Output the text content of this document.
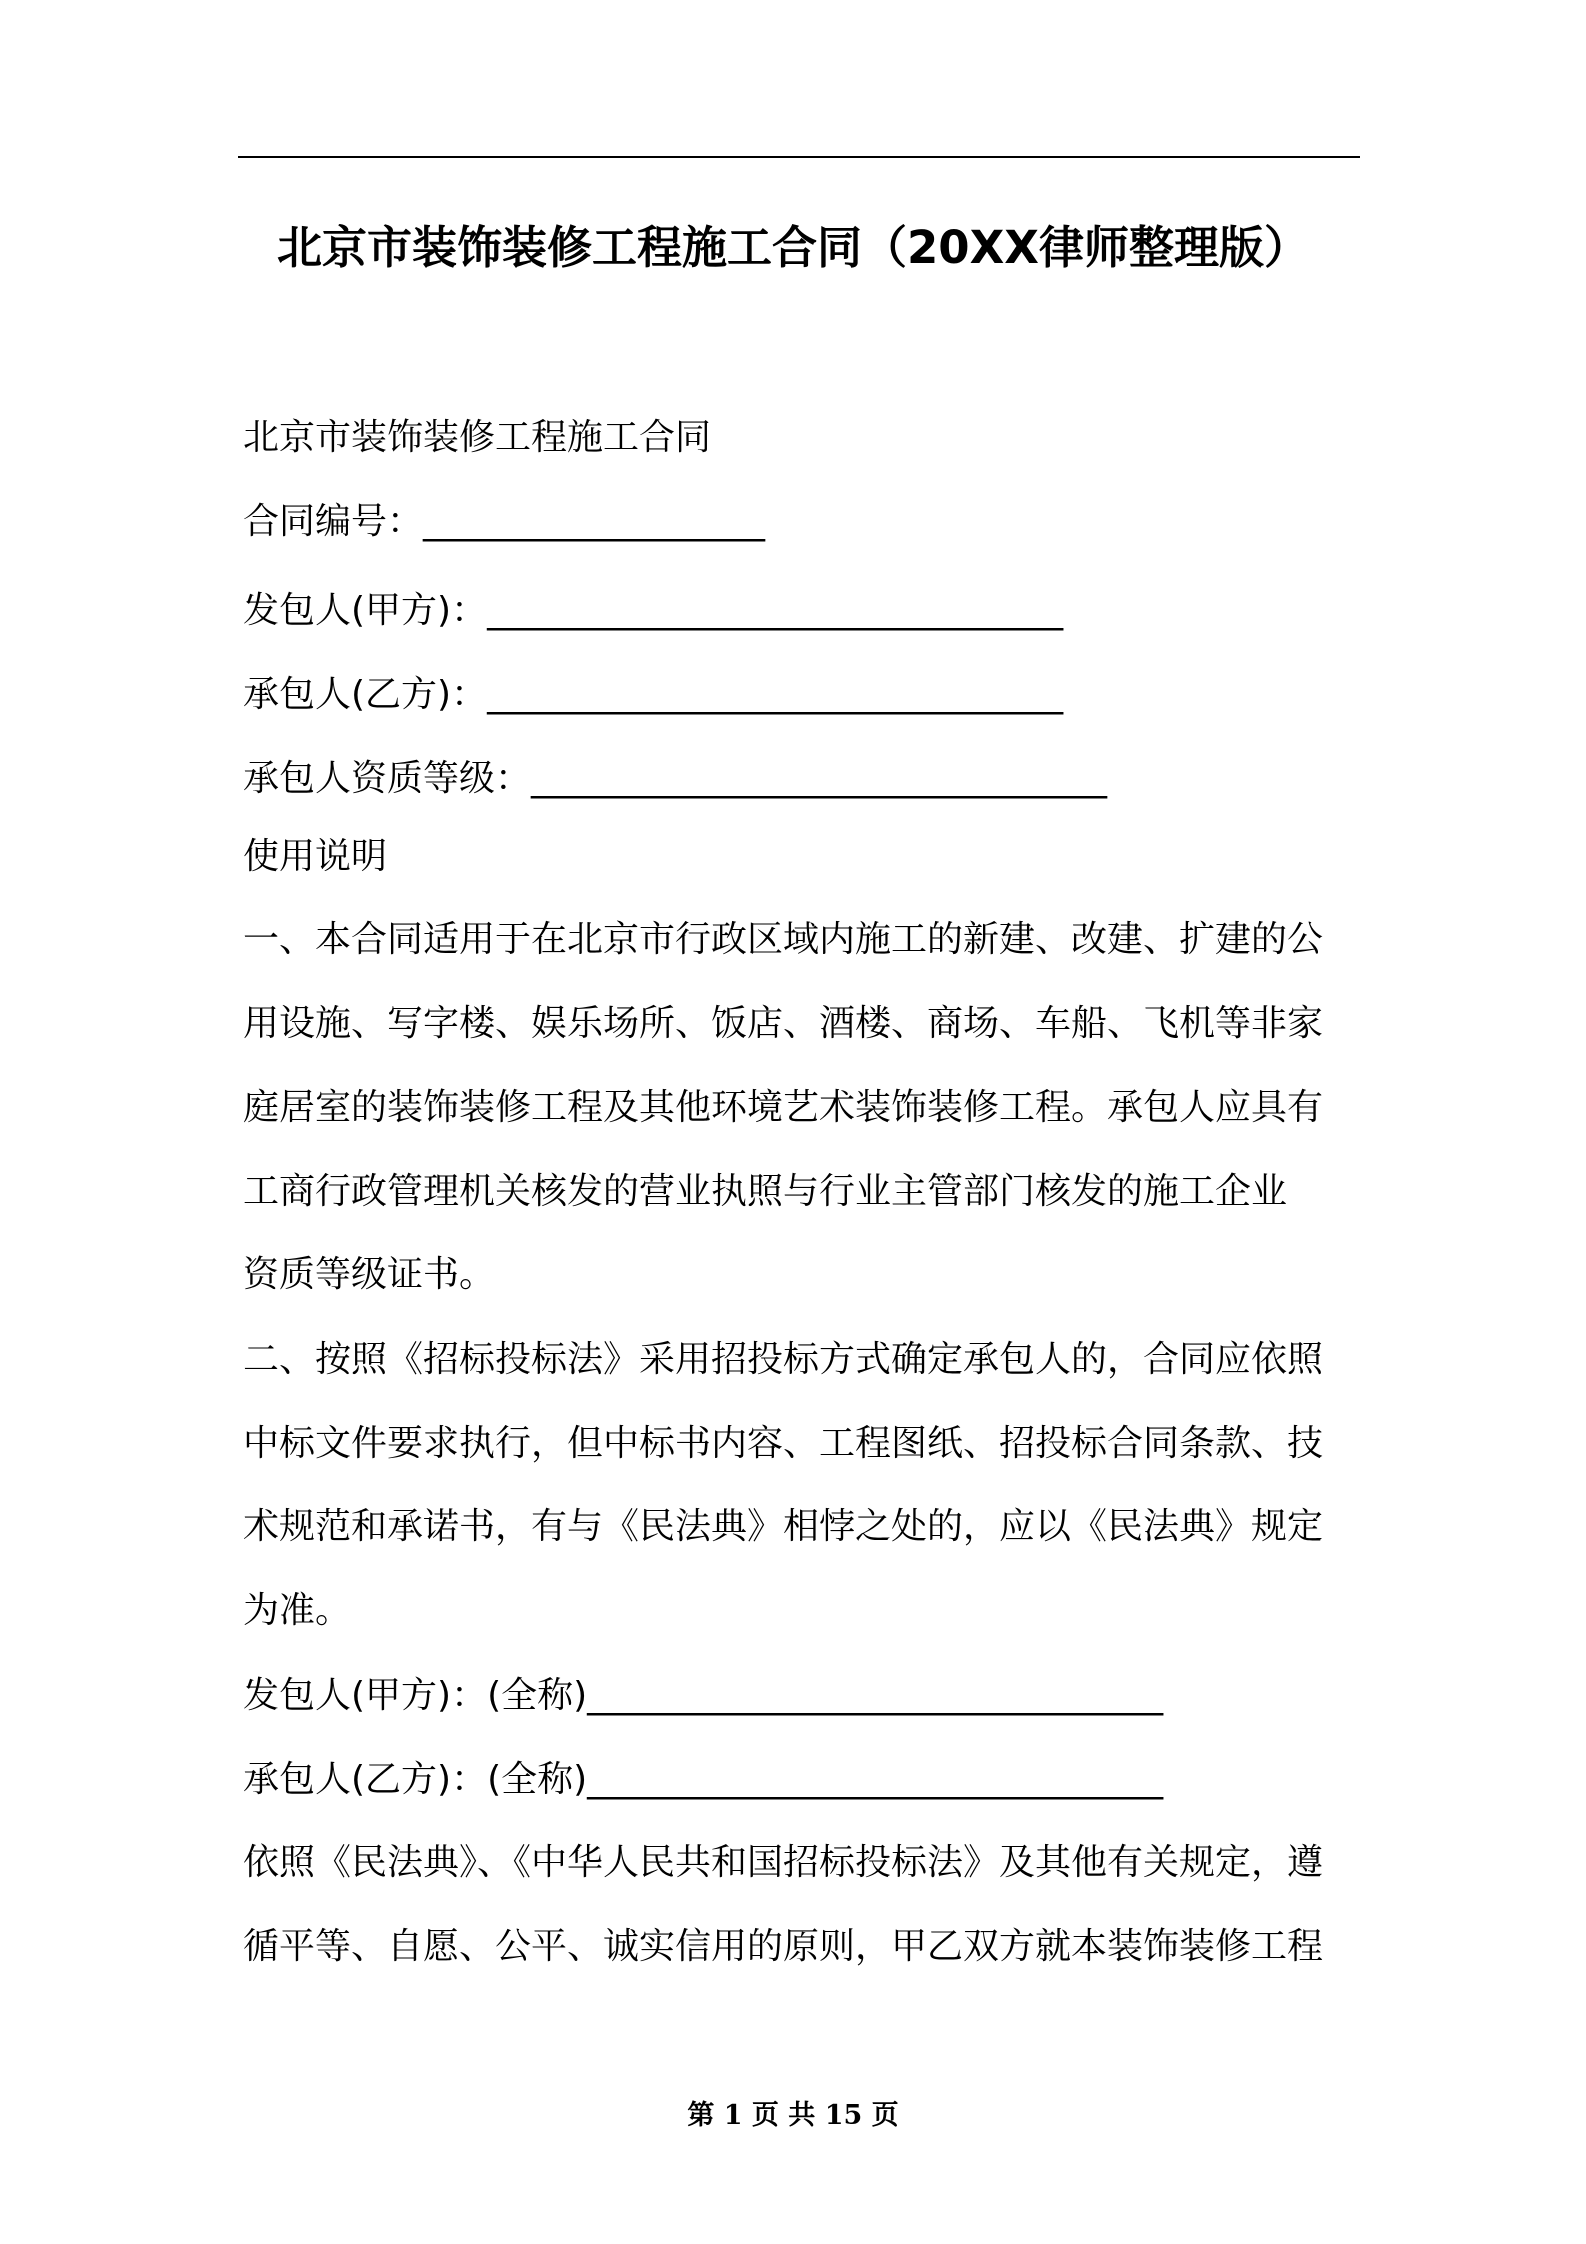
北京市装饰装修工程施工合同（20XX律师整理版）
北京市装饰装修工程施工合同
合同编号：___________________
发包人(甲方)：________________________________
承包人(乙方)：________________________________
承包人资质等级：________________________________
使用说明
一、本合同适用于在北京市行政区域内施工的新建、改建、扩建的公
用设施、写字楼、娱乐场所、饭店、酒楼、商场、车船、飞机等非家
庭居室的装饰装修工程及其他环境艺术装饰装修工程。承包人应具有
工商行政管理机关核发的营业执照与行业主管部门核发的施工企业
资质等级证书。
二、按照《招标投标法》采用招投标方式确定承包人的，合同应依照
中标文件要求执行，但中标书内容、工程图纸、招投标合同条款、技
术规范和承诺书，有与《民法典》相悖之处的，应以《民法典》规定
为准。
发包人(甲方)：(全称)________________________________
承包人(乙方)：(全称)________________________________
依照《民法典》、《中华人民共和国招标投标法》及其他有关规定，遵
循平等、自愿、公平、诚实信用的原则，甲乙双方就本装饰装修工程
第 1 页 共 15 页
